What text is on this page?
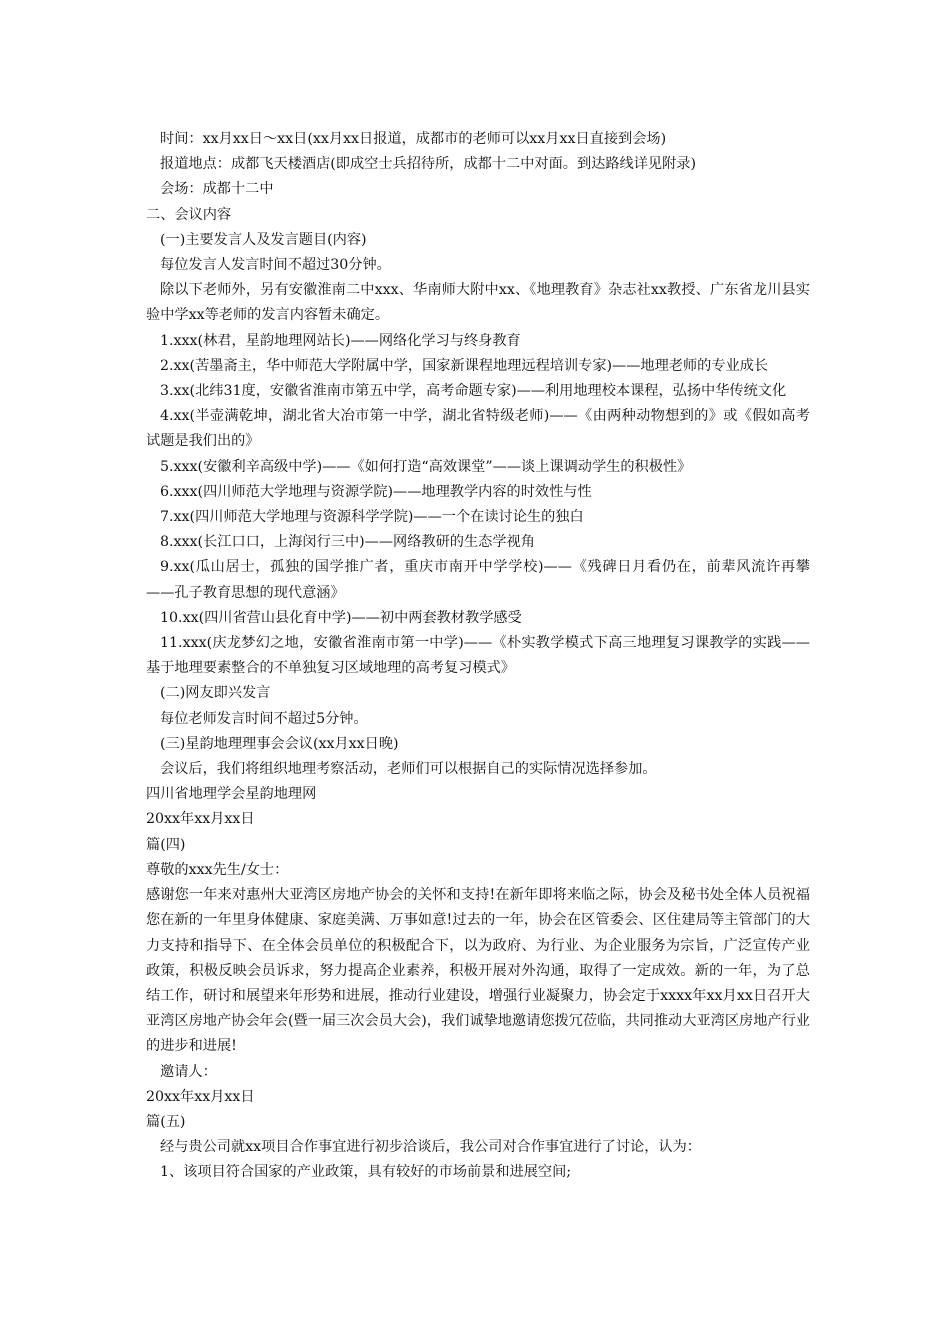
时间：xx月xx日～xx日(xx月xx日报道，成都市的老师可以xx月xx日直接到会场)

报道地点：成都飞天楼酒店(即成空士兵招待所，成都十二中对面。到达路线详见附录)

会场：成都十二中

二、会议内容

(一)主要发言人及发言题目(内容)

每位发言人发言时间不超过30分钟。

除以下老师外，另有安徽淮南二中xxx、华南师大附中xx、《地理教育》杂志社xx教授、广东省龙川县实验中学xx等老师的发言内容暂未确定。

1.xxx(林君，星韵地理网站长)——网络化学习与终身教育

2.xx(苦墨斋主，华中师范大学附属中学，国家新课程地理远程培训专家)——地理老师的专业成长

3.xx(北纬31度，安徽省淮南市第五中学，高考命题专家)——利用地理校本课程，弘扬中华传统文化

4.xx(半壶满乾坤，湖北省大冶市第一中学，湖北省特级老师)——《由两种动物想到的》或《假如高考试题是我们出的》

5.xxx(安徽利辛高级中学)——《如何打造“高效课堂”——谈上课调动学生的积极性》

6.xxx(四川师范大学地理与资源学院)——地理教学内容的时效性与性

7.xx(四川师范大学地理与资源科学学院)——一个在读讨论生的独白

8.xxx(长江口口，上海闵行三中)——网络教研的生态学视角

9.xx(瓜山居士，孤独的国学推广者，重庆市南开中学学校)——《残碑日月看仍在，前辈风流许再攀——孔子教育思想的现代意涵》

10.xx(四川省营山县化育中学)——初中两套教材教学感受

11.xxx(庆龙梦幻之地，安徽省淮南市第一中学)——《朴实教学模式下高三地理复习课教学的实践——基于地理要素整合的不单独复习区域地理的高考复习模式》

(二)网友即兴发言

每位老师发言时间不超过5分钟。

(三)星韵地理理事会会议(xx月xx日晚)

会议后，我们将组织地理考察活动，老师们可以根据自己的实际情况选择参加。

四川省地理学会星韵地理网

20xx年xx月xx日

篇(四)

尊敬的xxx先生/女士：

感谢您一年来对惠州大亚湾区房地产协会的关怀和支持!在新年即将来临之际，协会及秘书处全体人员祝福您在新的一年里身体健康、家庭美满、万事如意!过去的一年，协会在区管委会、区住建局等主管部门的大力支持和指导下、在全体会员单位的积极配合下，以为政府、为行业、为企业服务为宗旨，广泛宣传产业政策，积极反映会员诉求，努力提高企业素养，积极开展对外沟通，取得了一定成效。新的一年，为了总结工作，研讨和展望来年形势和进展，推动行业建设，增强行业凝聚力，协会定于xxxx年xx月xx日召开大亚湾区房地产协会年会(暨一届三次会员大会)，我们诚挚地邀请您拨冗莅临，共同推动大亚湾区房地产行业的进步和进展!

邀请人：

20xx年xx月xx日

篇(五)

经与贵公司就xx项目合作事宜进行初步洽谈后，我公司对合作事宜进行了讨论，认为：

1、该项目符合国家的产业政策，具有较好的市场前景和进展空间;
